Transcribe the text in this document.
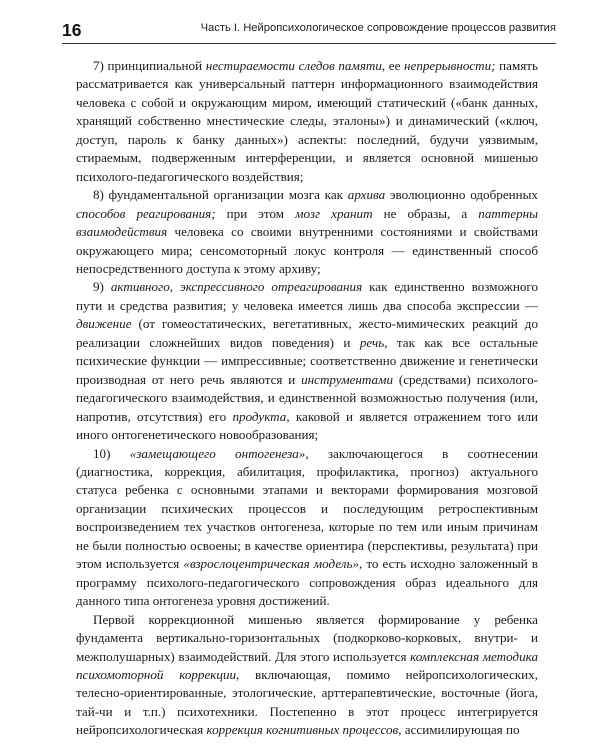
16	Часть I. Нейропсихологическое сопровождение процессов развития

7) принципиальной нестираемости следов памяти, ее непрерывности; память рассматривается как универсальный паттерн информационного взаимодействия человека с собой и окружающим миром, имеющий статический («банк данных, хранящий собственно мнестические следы, эталоны») и динамический («ключ, доступ, пароль к банку данных») аспекты: последний, будучи уязвимым, стираемым, подверженным интерференции, и является основной мишенью психолого-педагогического воздействия;

8) фундаментальной организации мозга как архива эволюционно одобренных способов реагирования; при этом мозг хранит не образы, а паттерны взаимодействия человека со своими внутренними состояниями и свойствами окружающего мира; сенсомоторный локус контроля — единственный способ непосредственного доступа к этому архиву;

9) активного, экспрессивного отреагирования как единственно возможного пути и средства развития; у человека имеется лишь два способа экспрессии — движение (от гомеостатических, вегетативных, жесто-мимических реакций до реализации сложнейших видов поведения) и речь, так как все остальные психические функции — импрессивные; соответственно движение и генетически производная от него речь являются и инструментами (средствами) психолого-педагогического взаимодействия, и единственной возможностью получения (или, напротив, отсутствия) его продукта, каковой и является отражением того или иного онтогенетического новообразования;

10) «замещающего онтогенеза», заключающегося в соотнесении (диагностика, коррекция, абилитация, профилактика, прогноз) актуального статуса ребенка с основными этапами и векторами формирования мозговой организации психических процессов и последующим ретроспективным воспроизведением тех участков онтогенеза, которые по тем или иным причинам не были полностью освоены; в качестве ориентира (перспективы, результата) при этом используется «взрослоцентрическая модель», то есть исходно заложенный в программу психолого-педагогического сопровождения образ идеального для данного типа онтогенеза уровня достижений.

Первой коррекционной мишенью является формирование у ребенка фундамента вертикально-горизонтальных (подкорково-корковых, внутри- и межполушарных) взаимодействий. Для этого используется комплексная методика психомоторной коррекции, включающая, помимо нейропсихологических, телесно-ориентированные, этологические, арттерапевтические, восточные (йога, тай-чи и т.п.) психотехники. Постепенно в этот процесс интегрируется нейропсихологическая коррекция когнитивных процессов, ассимилирующая по
